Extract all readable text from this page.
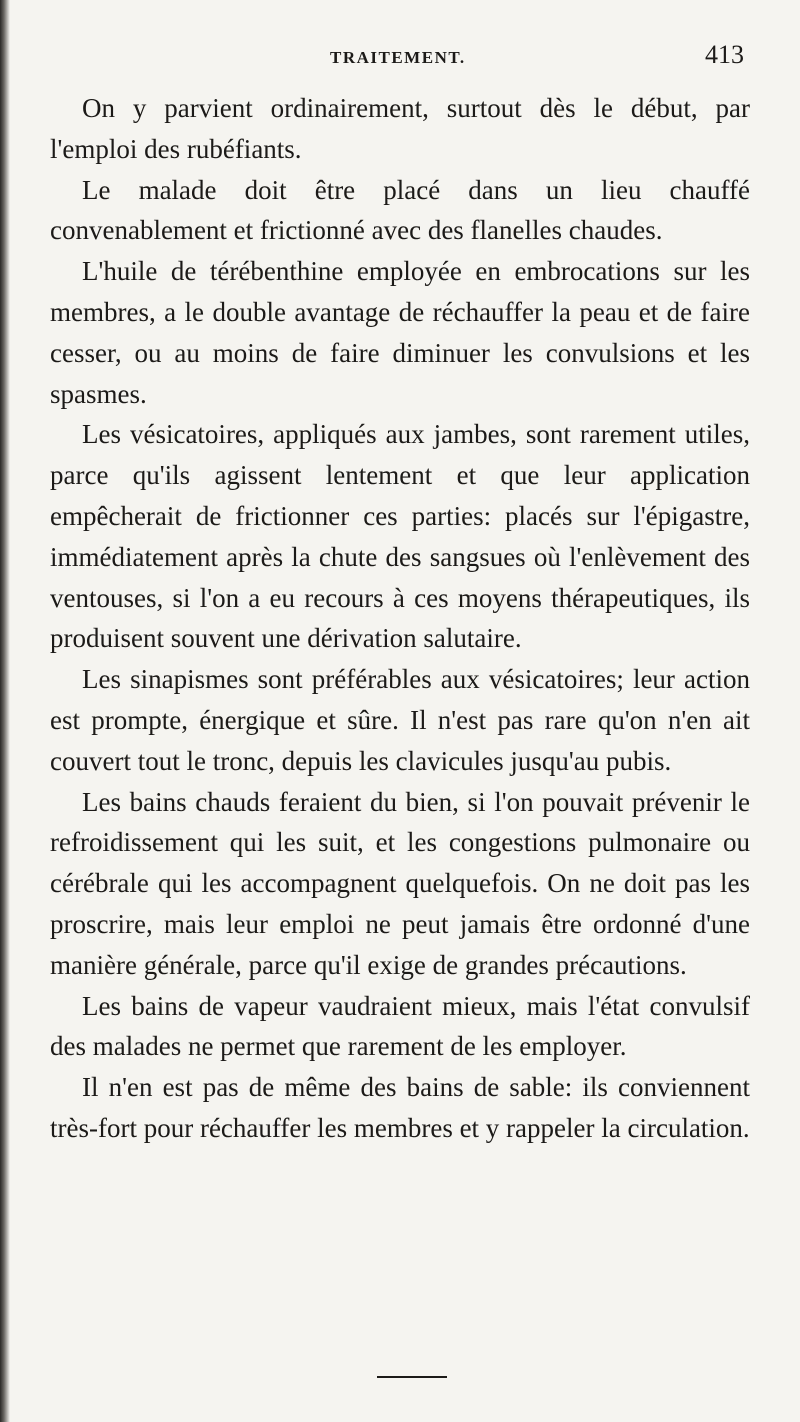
TRAITEMENT.	413

On y parvient ordinairement, surtout dès le début, par l'emploi des rubéfiants.

Le malade doit être placé dans un lieu chauffé convenablement et frictionné avec des flanelles chaudes.

L'huile de térébenthine employée en embrocations sur les membres, a le double avantage de réchauffer la peau et de faire cesser, ou au moins de faire diminuer les convulsions et les spasmes.

Les vésicatoires, appliqués aux jambes, sont rarement utiles, parce qu'ils agissent lentement et que leur application empêcherait de frictionner ces parties: placés sur l'épigastre, immédiatement après la chute des sangsues où l'enlèvement des ventouses, si l'on a eu recours à ces moyens thérapeutiques, ils produisent souvent une dérivation salutaire.

Les sinapismes sont préférables aux vésicatoires; leur action est prompte, énergique et sûre. Il n'est pas rare qu'on n'en ait couvert tout le tronc, depuis les clavicules jusqu'au pubis.

Les bains chauds feraient du bien, si l'on pouvait prévenir le refroidissement qui les suit, et les congestions pulmonaire ou cérébrale qui les accompagnent quelquefois. On ne doit pas les proscrire, mais leur emploi ne peut jamais être ordonné d'une manière générale, parce qu'il exige de grandes précautions.

Les bains de vapeur vaudraient mieux, mais l'état convulsif des malades ne permet que rarement de les employer.

Il n'en est pas de même des bains de sable: ils conviennent très-fort pour réchauffer les membres et y rappeler la circulation.
